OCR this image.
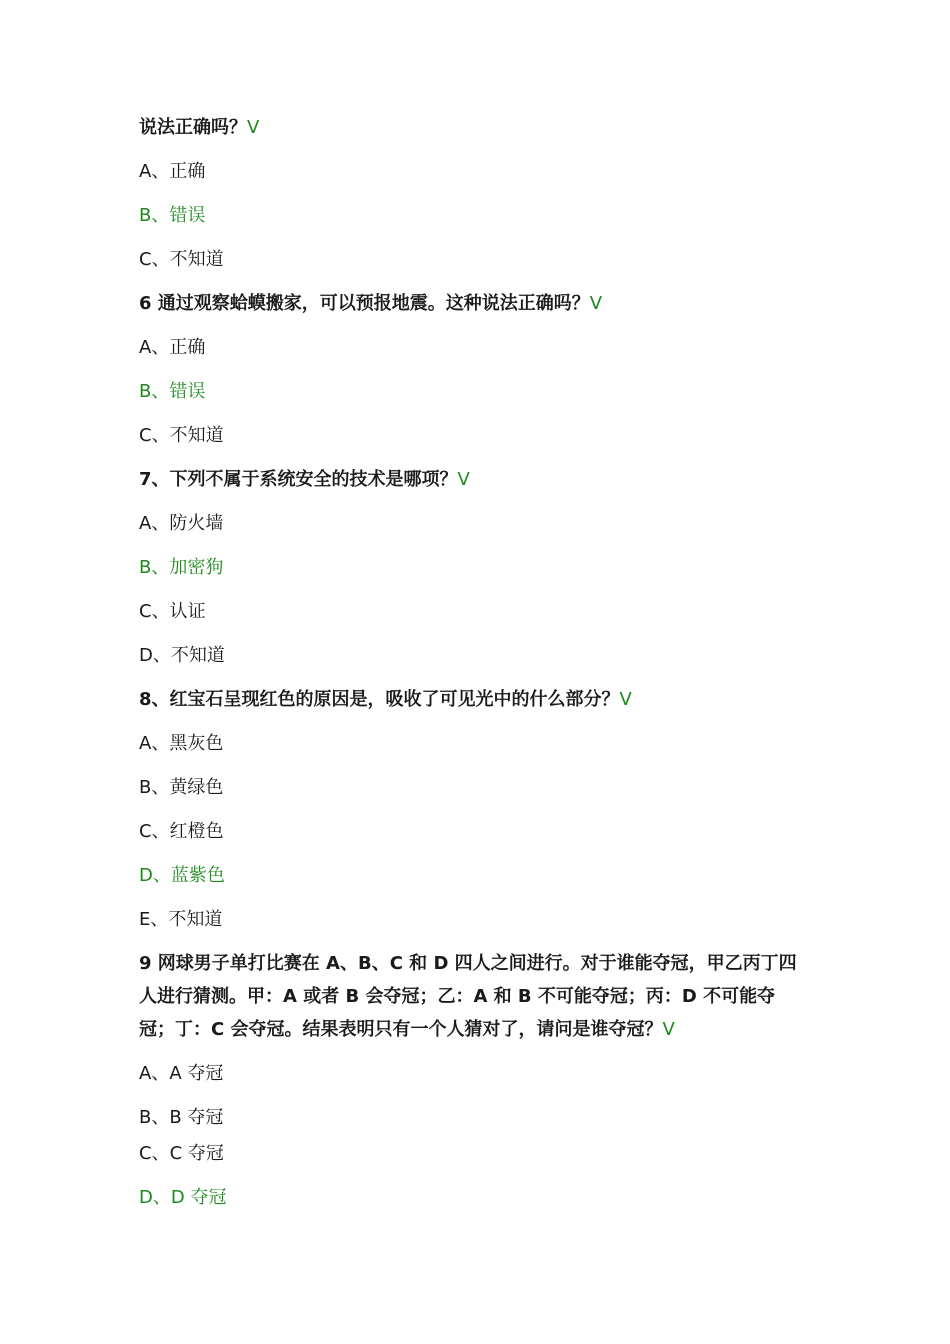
说法正确吗？V
A、正确
B、错误
C、不知道
6 通过观察蛤蟆搬家，可以预报地震。这种说法正确吗？V
A、正确
B、错误
C、不知道
7、下列不属于系统安全的技术是哪项？V
A、防火墙
B、加密狗
C、认证
D、不知道
8、红宝石呈现红色的原因是，吸收了可见光中的什么部分？V
A、黑灰色
B、黄绿色
C、红橙色
D、蓝紫色
E、不知道
9 网球男子单打比赛在 A、B、C 和 D 四人之间进行。对于谁能夺冠，甲乙丙丁四人进行猜测。甲：A 或者 B 会夺冠；乙：A 和 B 不可能夺冠；丙：D 不可能夺冠；丁：C 会夺冠。结果表明只有一个人猜对了，请问是谁夺冠？V
A、A 夺冠
B、B 夺冠
C、C 夺冠
D、D 夺冠
